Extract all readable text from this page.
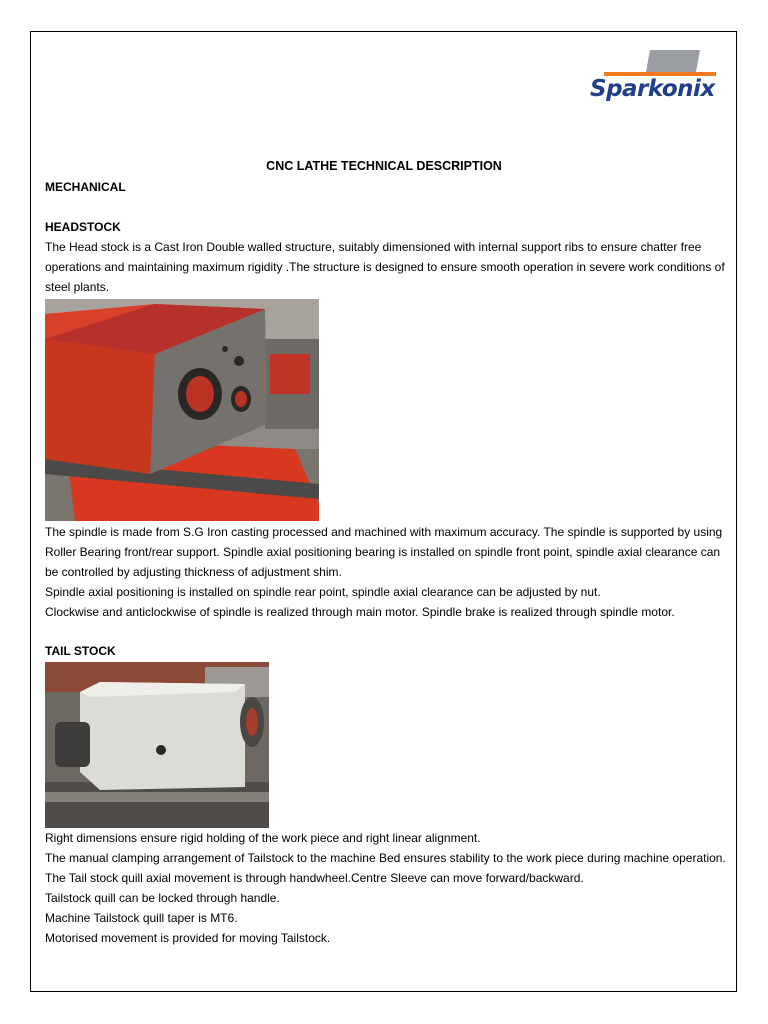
Sparkonix
CNC LATHE TECHNICAL DESCRIPTION
MECHANICAL
HEADSTOCK

The Head stock is a Cast Iron Double walled structure, suitably dimensioned with internal support ribs to ensure chatter free operations and maintaining maximum rigidity .The structure is designed to ensure smooth operation in severe work conditions of steel plants.

The spindle is made from S.G Iron casting processed and machined with maximum accuracy. The spindle is supported by using Roller Bearing front/rear support. Spindle axial positioning bearing is installed on spindle front point, spindle axial clearance can be controlled by adjusting thickness of adjustment shim.
Spindle axial positioning is installed on spindle rear point, spindle axial clearance can be adjusted by nut.
Clockwise and anticlockwise of spindle is realized through main motor. Spindle brake is realized through spindle motor.

TAIL STOCK

Right dimensions ensure rigid holding of the work piece and right linear alignment.
The manual clamping arrangement of Tailstock to the machine Bed ensures stability to the work piece during machine operation.
The Tail stock quill axial movement is through handwheel.Centre Sleeve can move forward/backward.
Tailstock quill can be locked through handle.
Machine Tailstock quill taper is MT6.
Motorised movement is provided for moving Tailstock.
